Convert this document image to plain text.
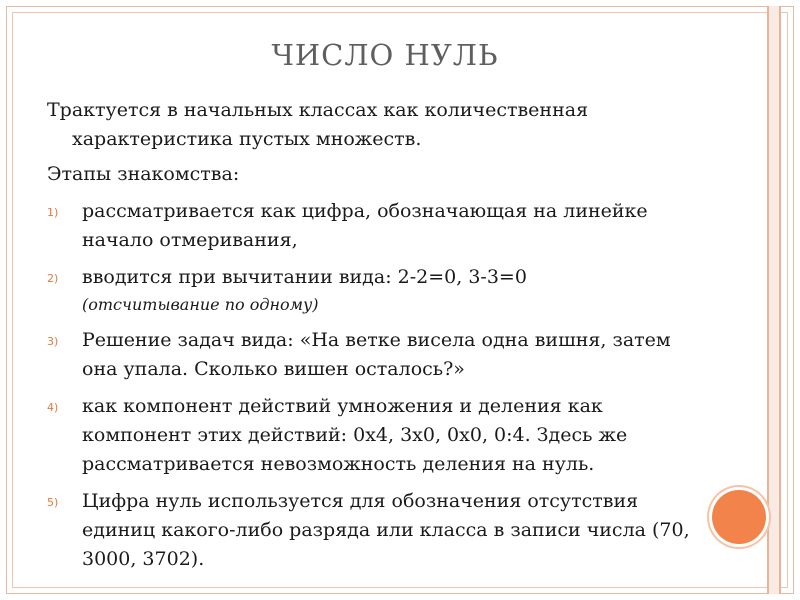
ЧИСЛО НУЛЬ

Трактуется в начальных классах как количественная характеристика пустых множеств.

Этапы знакомства:

1) рассматривается как цифра, обозначающая на линейке начало отмеривания,
2) вводится при вычитании вида: 2-2=0, 3-3=0
(отсчитывание по одному)
3) Решение задач вида: «На ветке висела одна вишня, затем она упала. Сколько вишен осталось?»
4) как компонент действий умножения и деления как компонент этих действий: 0х4, 3х0, 0х0, 0:4. Здесь же рассматривается невозможность деления на нуль.
5) Цифра нуль используется для обозначения отсутствия единиц какого-либо разряда или класса в записи числа (70, 3000, 3702).
